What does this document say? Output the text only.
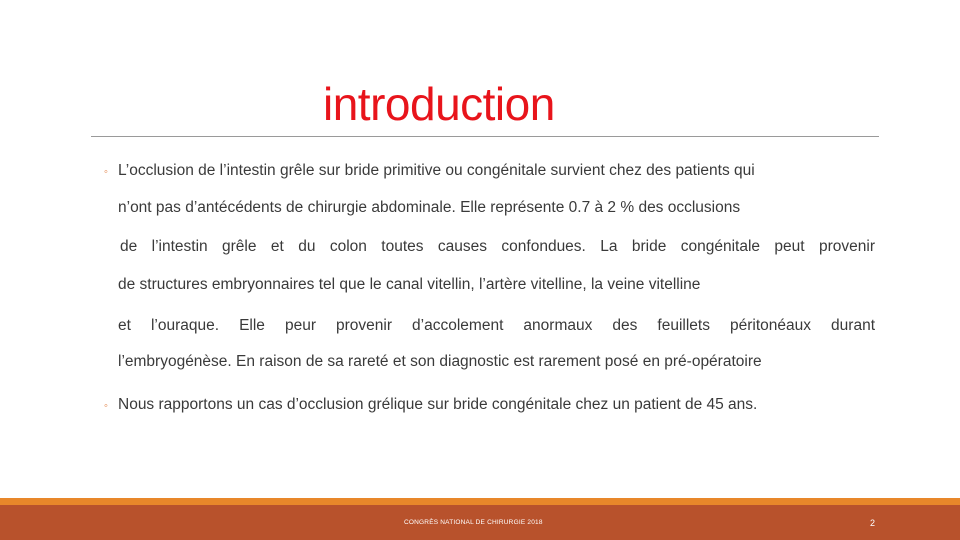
introduction
◦ L’occlusion de l’intestin grêle sur bride primitive ou congénitale survient chez des patients qui
n’ont pas d’antécédents de chirurgie abdominale. Elle représente 0.7 à 2 % des occlusions
de l’intestin grêle et du colon toutes causes confondues. La bride congénitale peut provenir
de structures embryonnaires tel que le canal vitellin, l’artère vitelline, la veine vitelline
et l’ouraque. Elle peur provenir d’accolement anormaux des feuillets péritonéaux durant
l’embryogénèse. En raison de sa rareté et son diagnostic est rarement posé en pré-opératoire
◦ Nous rapportons un cas d’occlusion grélique sur bride congénitale chez un patient de 45 ans.
CONGRÈS NATIONAL DE CHIRURGIE 2018	2
